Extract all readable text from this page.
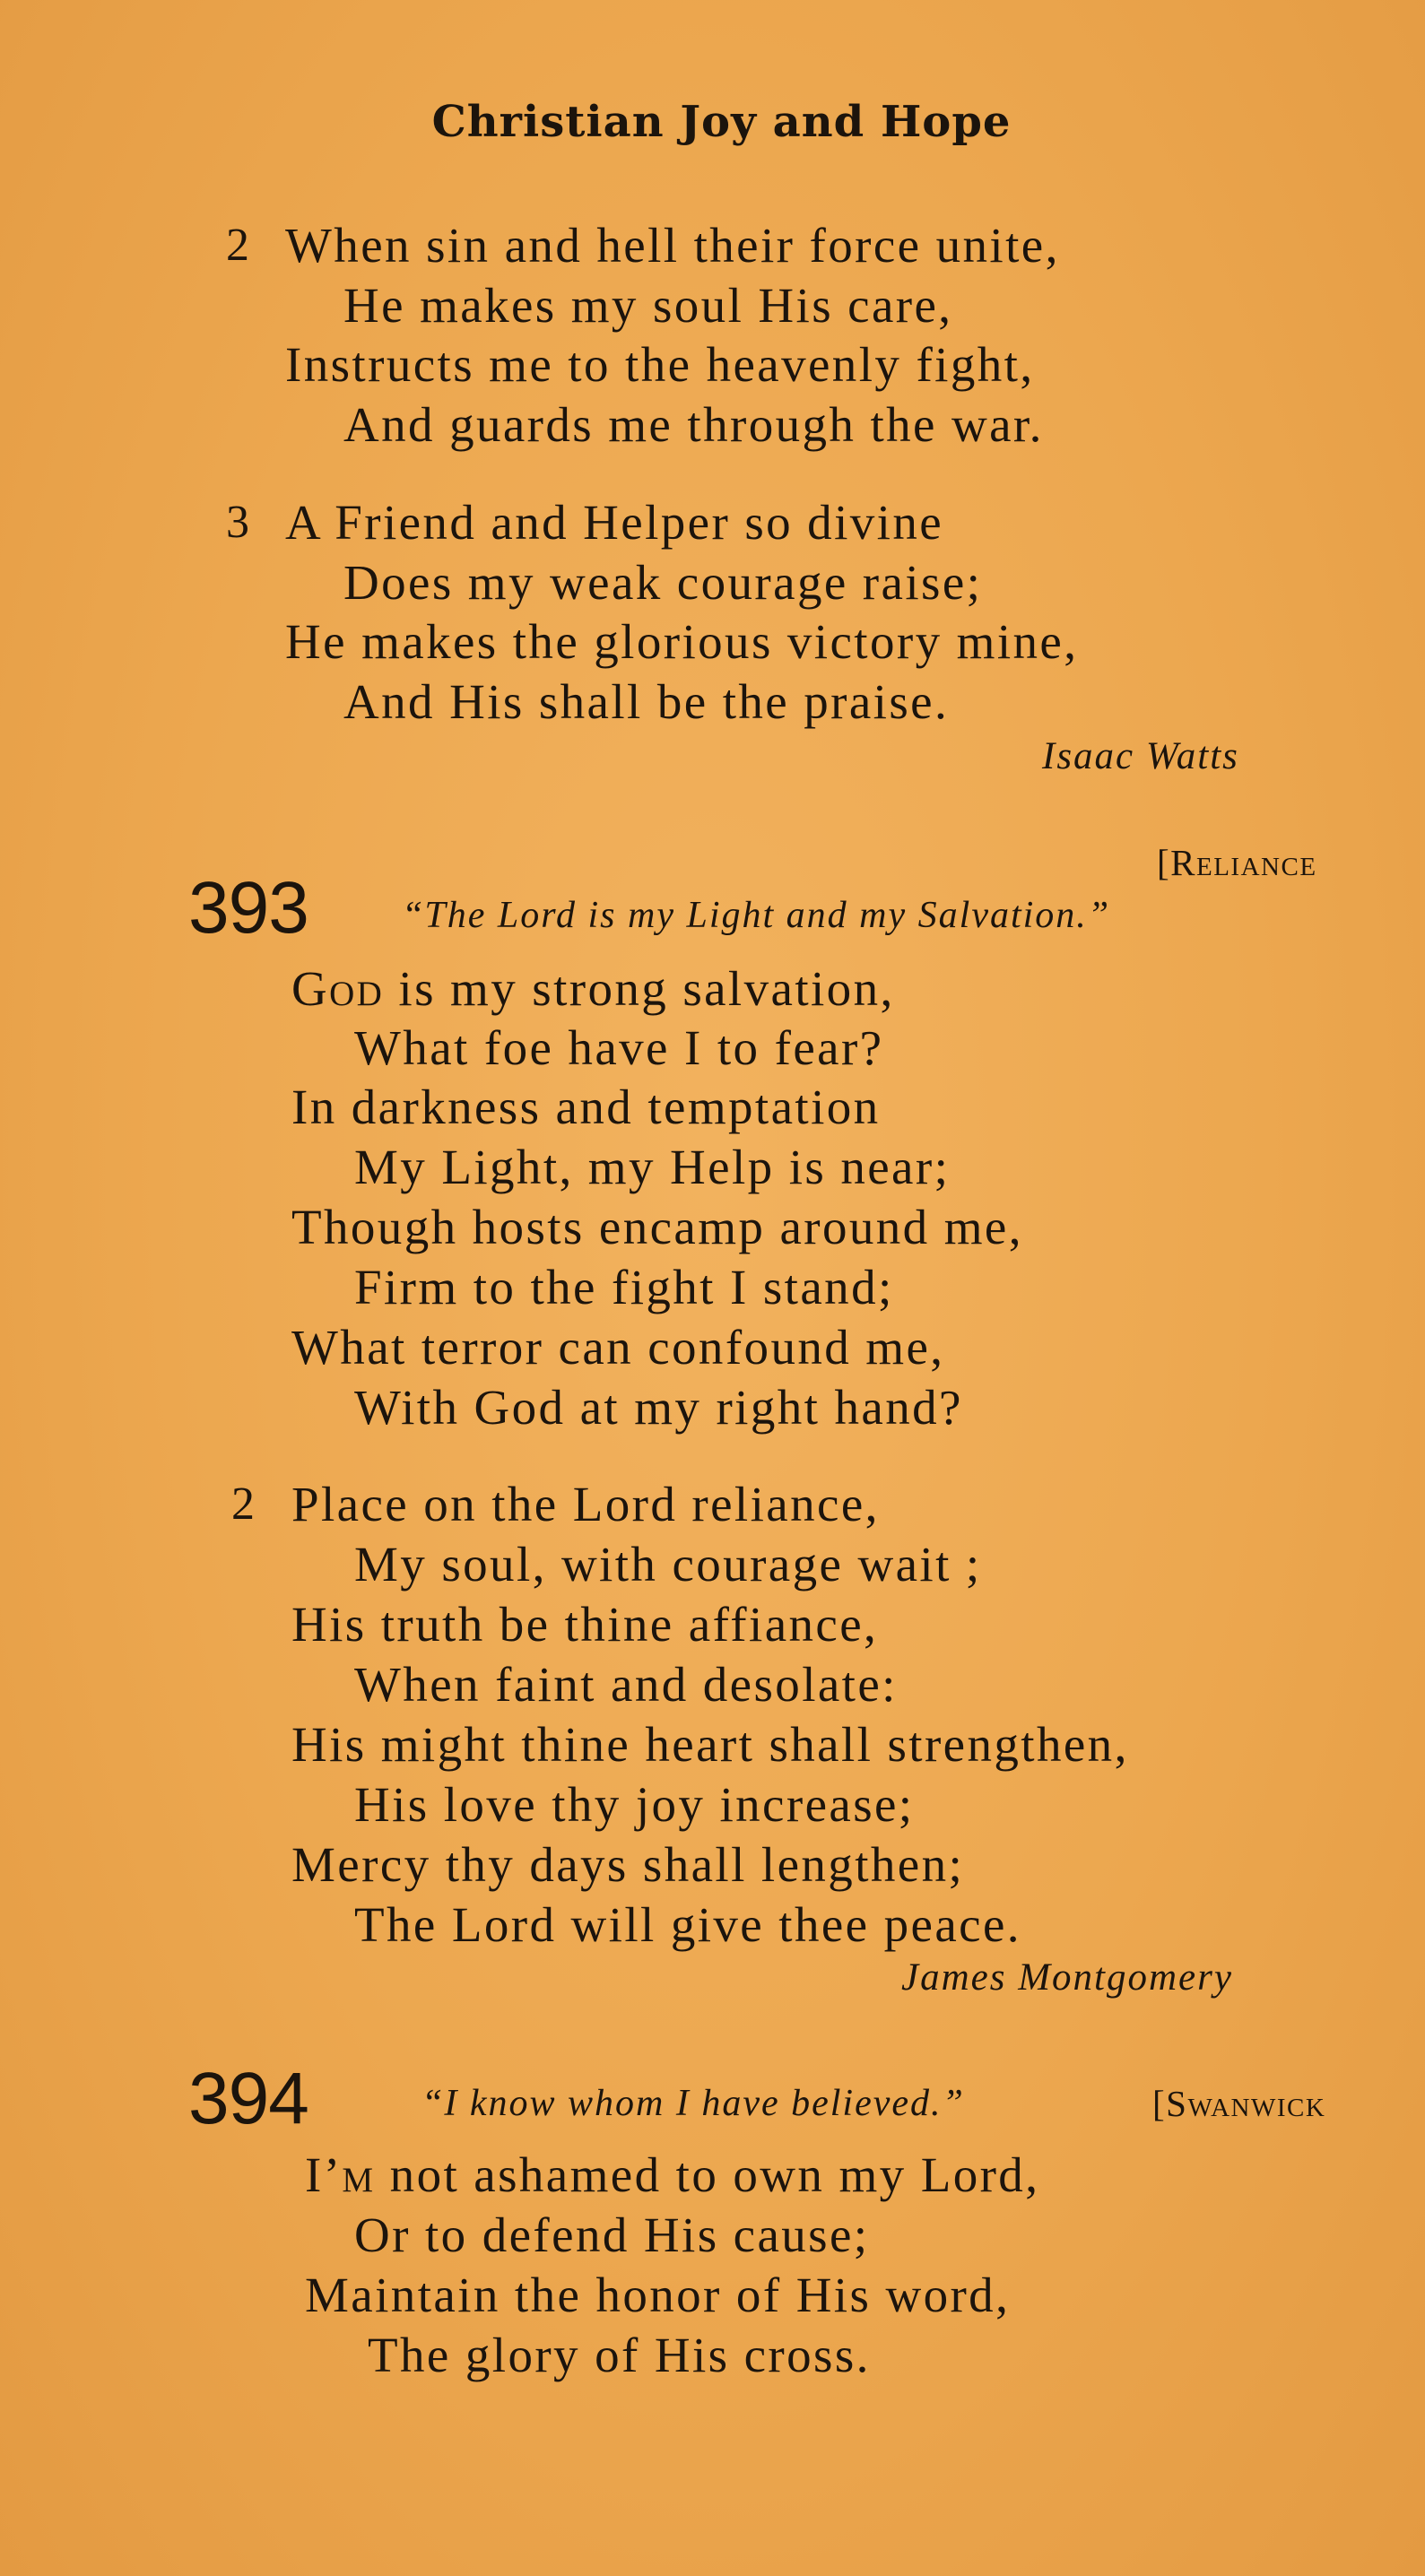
Christian Joy and Hope
2 When sin and hell their force unite,
He makes my soul His care,
Instructs me to the heavenly fight,
And guards me through the war.
3 A Friend and Helper so divine
Does my weak courage raise;
He makes the glorious victory mine,
And His shall be the praise.
Isaac Watts
[Reliance
393 “The Lord is my Light and my Salvation.”
God is my strong salvation,
What foe have I to fear?
In darkness and temptation
My Light, my Help is near;
Though hosts encamp around me,
Firm to the fight I stand;
What terror can confound me,
With God at my right hand?
2 Place on the Lord reliance,
My soul, with courage wait ;
His truth be thine affiance,
When faint and desolate:
His might thine heart shall strengthen,
His love thy joy increase;
Mercy thy days shall lengthen;
The Lord will give thee peace.
James Montgomery
394	“I know whom I have believed.”	[Swanwick
I’m not ashamed to own my Lord,
Or to defend His cause;
Maintain the honor of His word,
The glory of His cross.
